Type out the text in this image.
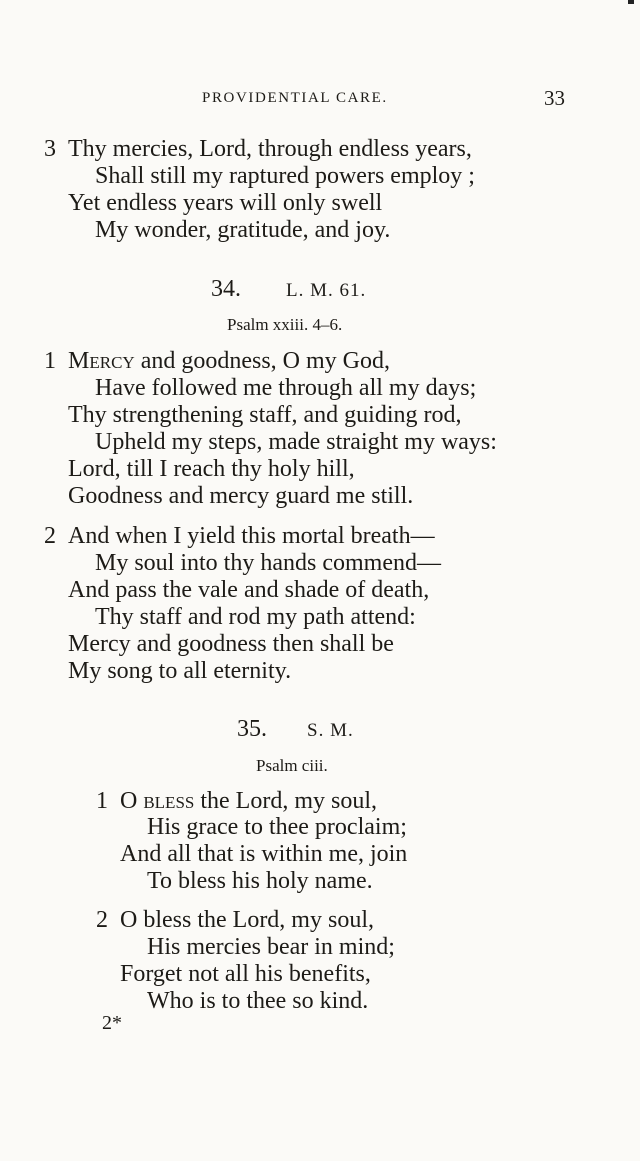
PROVIDENTIAL CARE.	33
3 Thy mercies, Lord, through endless years,
Shall still my raptured powers employ ;
Yet endless years will only swell
My wonder, gratitude, and joy.
34. L. M. 61.
Psalm xxiii. 4–6.
1 Mercy and goodness, O my God,
Have followed me through all my days;
Thy strengthening staff, and guiding rod,
Upheld my steps, made straight my ways:
Lord, till I reach thy holy hill,
Goodness and mercy guard me still.
2 And when I yield this mortal breath—
My soul into thy hands commend—
And pass the vale and shade of death,
Thy staff and rod my path attend:
Mercy and goodness then shall be
My song to all eternity.
35. S. M.
Psalm ciii.
1 O bless the Lord, my soul,
His grace to thee proclaim;
And all that is within me, join
To bless his holy name.
2 O bless the Lord, my soul,
His mercies bear in mind;
Forget not all his benefits,
Who is to thee so kind.
2*
